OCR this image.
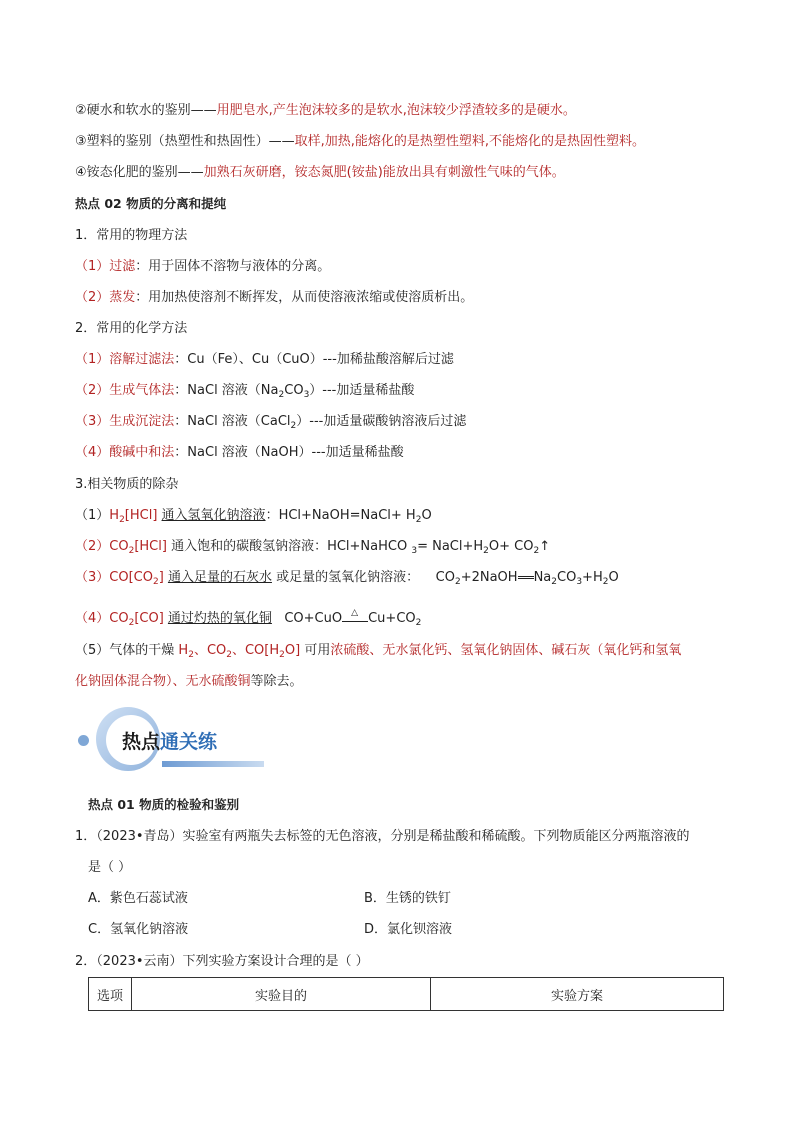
②硬水和软水的鉴别——用肥皂水,产生泡沫较多的是软水,泡沫较少浮渣较多的是硬水。
③塑料的鉴别（热塑性和热固性）——取样,加热,能熔化的是热塑性塑料,不能熔化的是热固性塑料。
④铵态化肥的鉴别——加熟石灰研磨，铵态氮肥(铵盐)能放出具有刺激性气味的气体。
热点 02 物质的分离和提纯
1．常用的物理方法
（1）过滤：用于固体不溶物与液体的分离。
（2）蒸发：用加热使溶剂不断挥发，从而使溶液浓缩或使溶质析出。
2．常用的化学方法
（1）溶解过滤法：Cu（Fe）、Cu（CuO）---加稀盐酸溶解后过滤
（2）生成气体法：NaCl 溶液$(Na_2CO_3)---$加适量稀盐酸
（3）生成沉淀法：NaCl 溶液（CaCl$_2$）---加适量碳酸钠溶液后过滤
（4）酸碱中和法：NaCl 溶液（NaOH）---加适量稀盐酸
3.相关物质的除杂
$(1)H_2[HCl]$ 通入氢氧化钠溶液：HCl+NaOH=NaCl+ $H_2O$
$(2)CO_2[HCl]$ 通入饱和的碳酸氢钠溶液：HCl+NaHCO $_3= NaCl+H_2O+$ $CO_2↑$
$(3)CO[CO_2]$ 通入足量的石灰水 或足量的氢氧化钠溶液： $CO_2+2NaOH$ $Na_2CO_3+H_2O$
$(4)CO_2[CO]$ 通过灼热的氧化铜 CO+CuO △ $Cu+CO_2$
（5）气体的干燥 $H_2$、$CO_2$、$CO[H_2O]$ 可用浓硫酸、无水氯化钙、氢氧化钠固体、碱石灰（氧化钙和氢氧
化钠固体混合物）、无水硫酸铜等除去。
热点通关练
热点 01 物质的检验和鉴别
1．（2023•青岛）实验室有两瓶失去标签的无色溶液，分别是稀盐酸和稀硫酸。下列物质能区分两瓶溶液的
是（ ）
A．紫色石蕊试液	B．生锈的铁钉
C．氢氧化钠溶液	D．氯化钡溶液
2．（2023•云南）下列实验方案设计合理的是（ ）
选项	实验目的	实验方案
